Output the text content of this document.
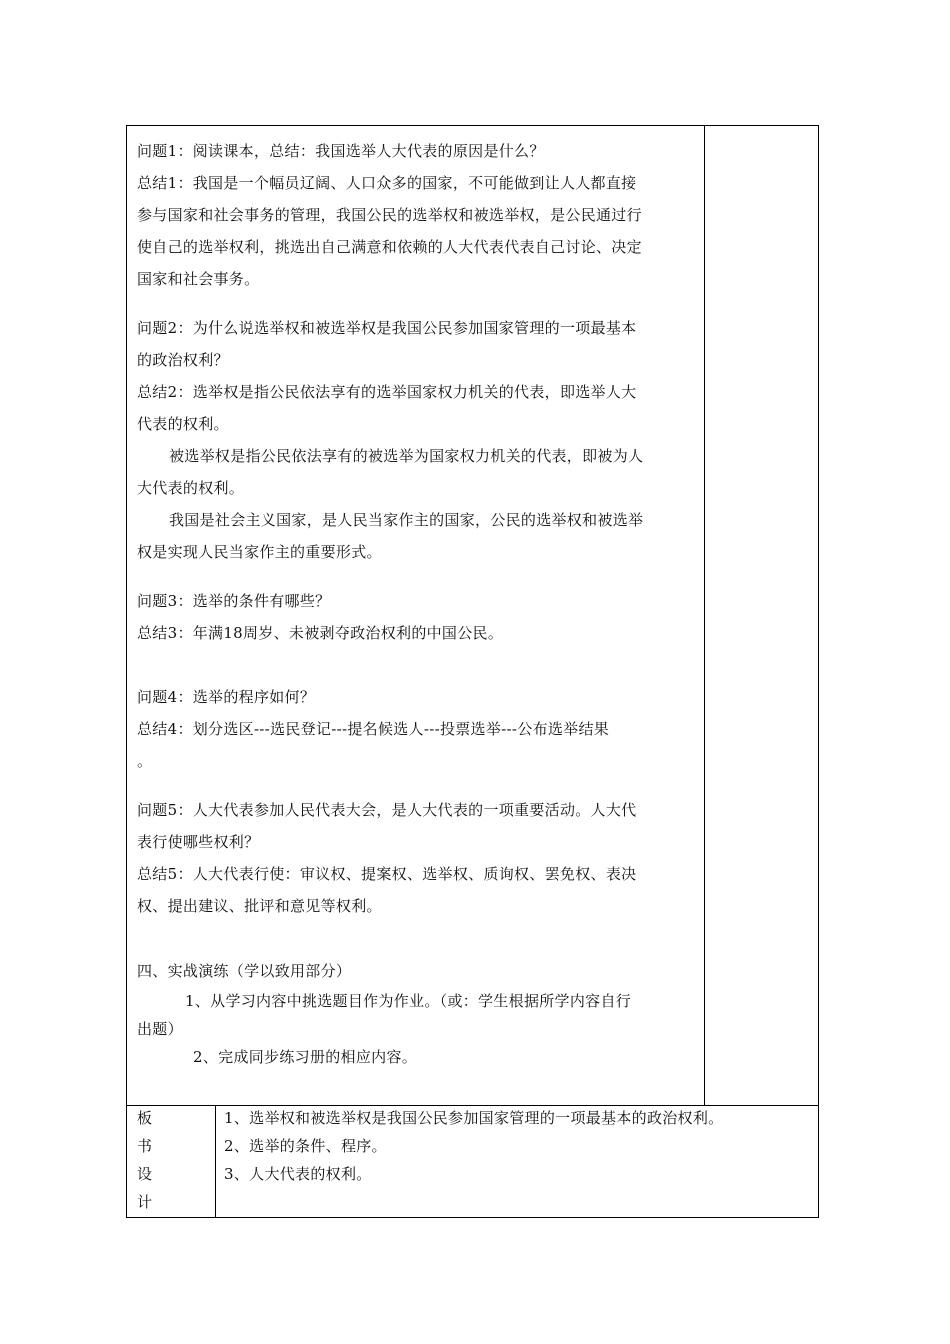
问题1：阅读课本，总结：我国选举人大代表的原因是什么？
总结1：我国是一个幅员辽阔、人口众多的国家，不可能做到让人人都直接
参与国家和社会事务的管理，我国公民的选举权和被选举权，是公民通过行
使自己的选举权利，挑选出自己满意和依赖的人大代表代表自己讨论、决定
国家和社会事务。
问题2：为什么说选举权和被选举权是我国公民参加国家管理的一项最基本
的政治权利？
总结2：选举权是指公民依法享有的选举国家权力机关的代表，即选举人大
代表的权利。
被选举权是指公民依法享有的被选举为国家权力机关的代表，即被为人
大代表的权利。
我国是社会主义国家，是人民当家作主的国家，公民的选举权和被选举
权是实现人民当家作主的重要形式。
问题3：选举的条件有哪些？
总结3：年满18周岁、未被剥夺政治权利的中国公民。
问题4：选举的程序如何？
总结4：划分选区---选民登记---提名候选人---投票选举---公布选举结果
。
问题5：人大代表参加人民代表大会，是人大代表的一项重要活动。人大代
表行使哪些权利？
总结5：人大代表行使：审议权、提案权、选举权、质询权、罢免权、表决
权、提出建议、批评和意见等权利。
四、实战演练（学以致用部分）
1、从学习内容中挑选题目作为作业。（或：学生根据所学内容自行
出题）
2、完成同步练习册的相应内容。
板
书
设
计
1、选举权和被选举权是我国公民参加国家管理的一项最基本的政治权利。
2、选举的条件、程序。
3、人大代表的权利。
